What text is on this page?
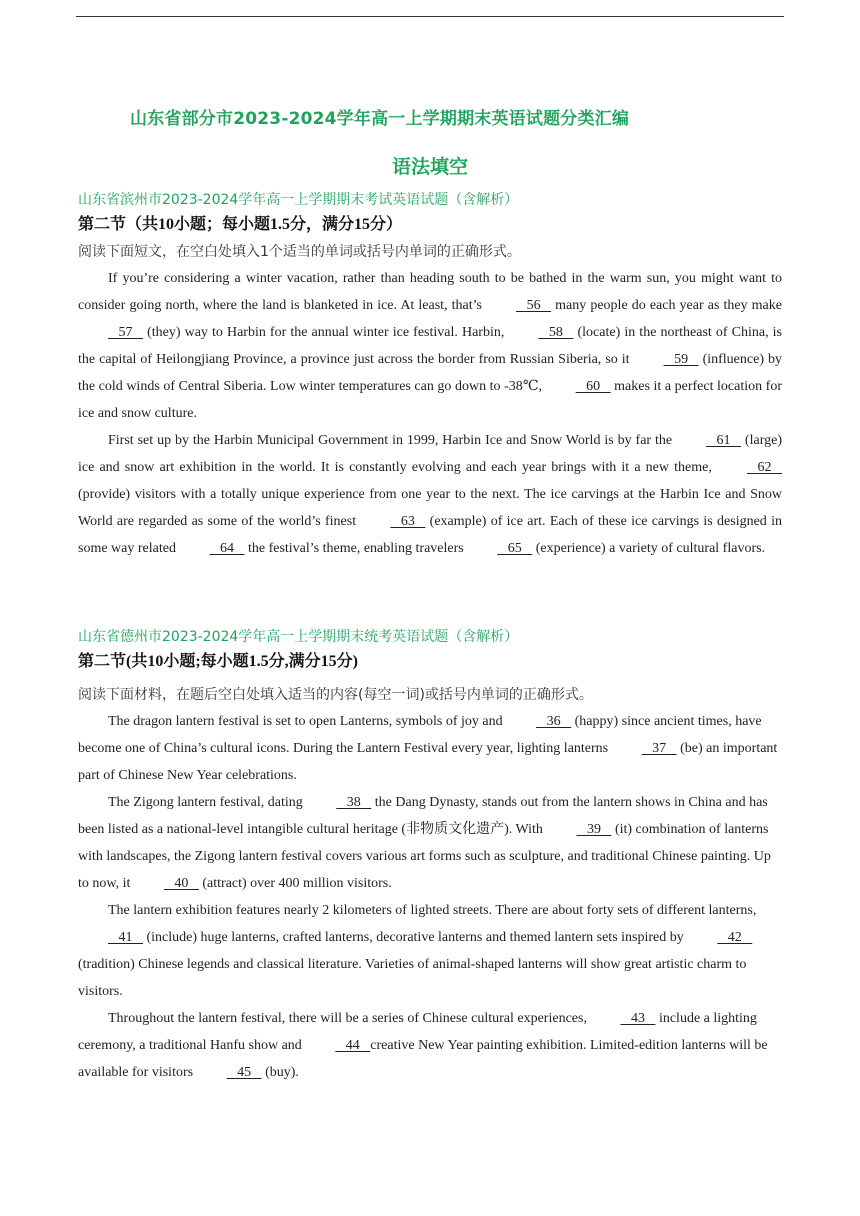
山东省部分市2023-2024学年高一上学期期末英语试题分类汇编
语法填空
山东省滨州市2023-2024学年高一上学期期末考试英语试题（含解析）
第二节（共10小题；每小题1.5分，满分15分）
阅读下面短文，在空白处填入1个适当的单词或括号内单词的正确形式。

If you’re considering a winter vacation, rather than heading south to be bathed in the warm sun, you might want to consider going north, where the land is blanketed in ice. At least, that’s    56    many people do each year as they make    57    (they) way to Harbin for the annual winter ice festival. Harbin,    58    (locate) in the northeast of China, is the capital of Heilongjiang Province, a province just across the border from Russian Siberia, so it    59    (influence) by the cold winds of Central Siberia. Low winter temperatures can go down to -38℃,    60    makes it a perfect location for ice and snow culture.

First set up by the Harbin Municipal Government in 1999, Harbin Ice and Snow World is by far the    61    (large) ice and snow art exhibition in the world. It is constantly evolving and each year brings with it a new theme,    62    (provide) visitors with a totally unique experience from one year to the next. The ice carvings at the Harbin Ice and Snow World are regarded as some of the world’s finest    63    (example) of ice art. Each of these ice carvings is designed in some way related    64    the festival’s theme, enabling travelers    65    (experience) a variety of cultural flavors.

山东省德州市2023-2024学年高一上学期期末统考英语试题（含解析）
第二节(共10小题;每小题1.5分,满分15分)
阅读下面材料，在题后空白处填入适当的内容(每空一词)或括号内单词的正确形式。

The dragon lantern festival is set to open Lanterns, symbols of joy and    36    (happy) since ancient times, have become one of China’s cultural icons. During the Lantern Festival every year, lighting lanterns    37    (be) an important part of Chinese New Year celebrations.

The Zigong lantern festival, dating    38    the Dang Dynasty, stands out from the lantern shows in China and has been listed as a national-level intangible cultural heritage (非物质文化遗产). With    39    (it) combination of lanterns with landscapes, the Zigong lantern festival covers various art forms such as sculpture, and traditional Chinese painting. Up to now, it    40    (attract) over 400 million visitors.

The lantern exhibition features nearly 2 kilometers of lighted streets. There are about forty sets of different lanterns,    41    (include) huge lanterns, crafted lanterns, decorative lanterns and themed lantern sets inspired by    42    (tradition) Chinese legends and classical literature. Varieties of animal-shaped lanterns will show great artistic charm to visitors.

Throughout the lantern festival, there will be a series of Chinese cultural experiences,    43    include a lighting ceremony, a traditional Hanfu show and    44   creative New Year painting exhibition. Limited-edition lanterns will be available for visitors    45    (buy).
